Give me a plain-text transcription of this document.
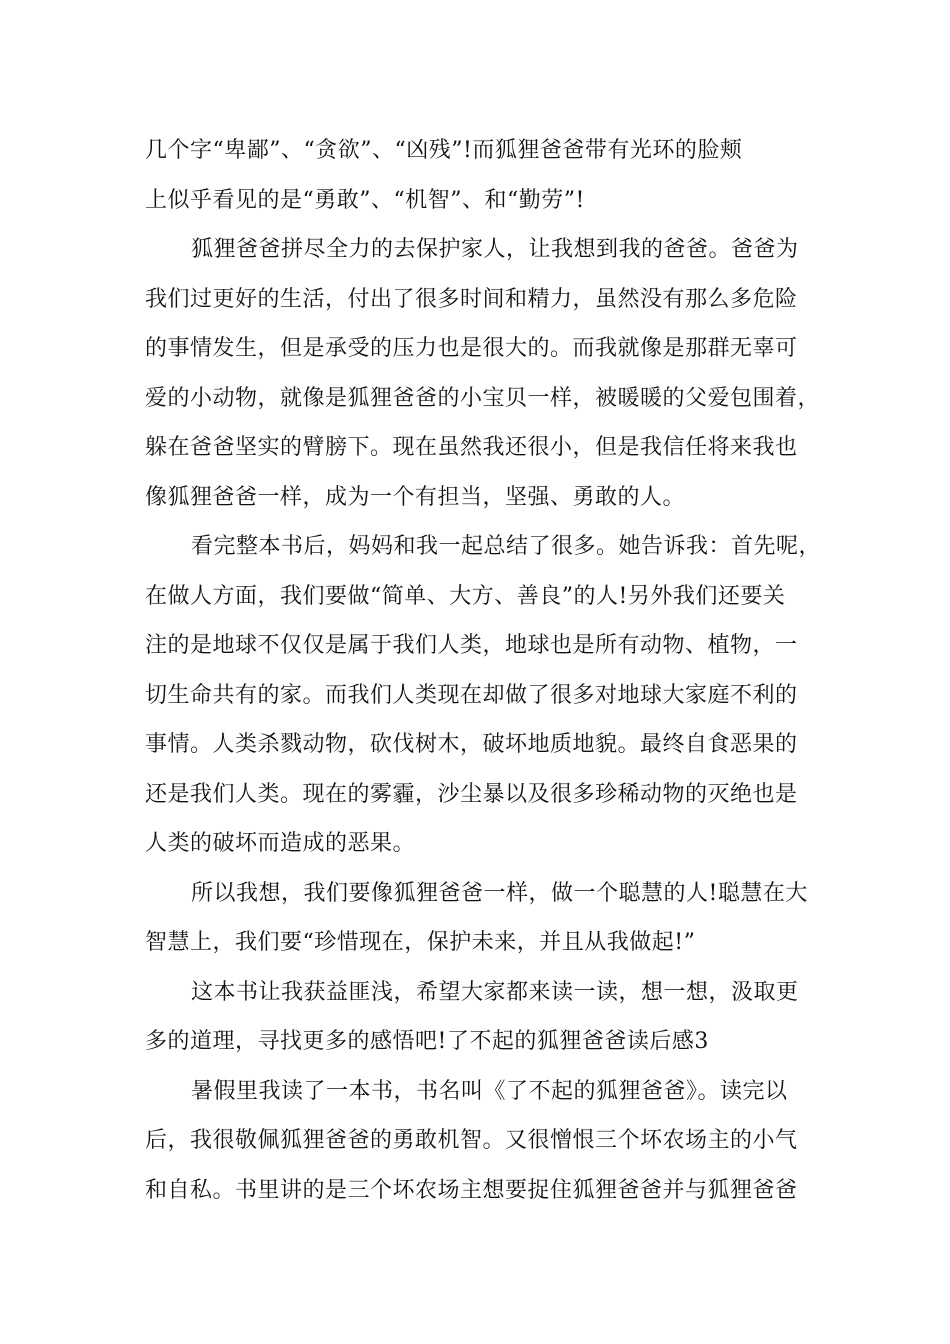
几个字“卑鄙”、“贪欲”、“凶残”!而狐狸爸爸带有光环的脸颊
上似乎看见的是“勇敢”、“机智”、和“勤劳”!
狐狸爸爸拼尽全力的去保护家人，让我想到我的爸爸。爸爸为
我们过更好的生活，付出了很多时间和精力，虽然没有那么多危险
的事情发生，但是承受的压力也是很大的。而我就像是那群无辜可
爱的小动物，就像是狐狸爸爸的小宝贝一样，被暖暖的父爱包围着，
躲在爸爸坚实的臂膀下。现在虽然我还很小，但是我信任将来我也
像狐狸爸爸一样，成为一个有担当，坚强、勇敢的人。
看完整本书后，妈妈和我一起总结了很多。她告诉我：首先呢，
在做人方面，我们要做“简单、大方、善良”的人!另外我们还要关
注的是地球不仅仅是属于我们人类，地球也是所有动物、植物，一
切生命共有的家。而我们人类现在却做了很多对地球大家庭不利的
事情。人类杀戮动物，砍伐树木，破坏地质地貌。最终自食恶果的
还是我们人类。现在的雾霾，沙尘暴以及很多珍稀动物的灭绝也是
人类的破坏而造成的恶果。
所以我想，我们要像狐狸爸爸一样，做一个聪慧的人!聪慧在大
智慧上，我们要“珍惜现在，保护未来，并且从我做起!”
这本书让我获益匪浅，希望大家都来读一读，想一想，汲取更
多的道理，寻找更多的感悟吧!了不起的狐狸爸爸读后感3
暑假里我读了一本书，书名叫《了不起的狐狸爸爸》。读完以
后，我很敬佩狐狸爸爸的勇敢机智。又很憎恨三个坏农场主的小气
和自私。书里讲的是三个坏农场主想要捉住狐狸爸爸并与狐狸爸爸
